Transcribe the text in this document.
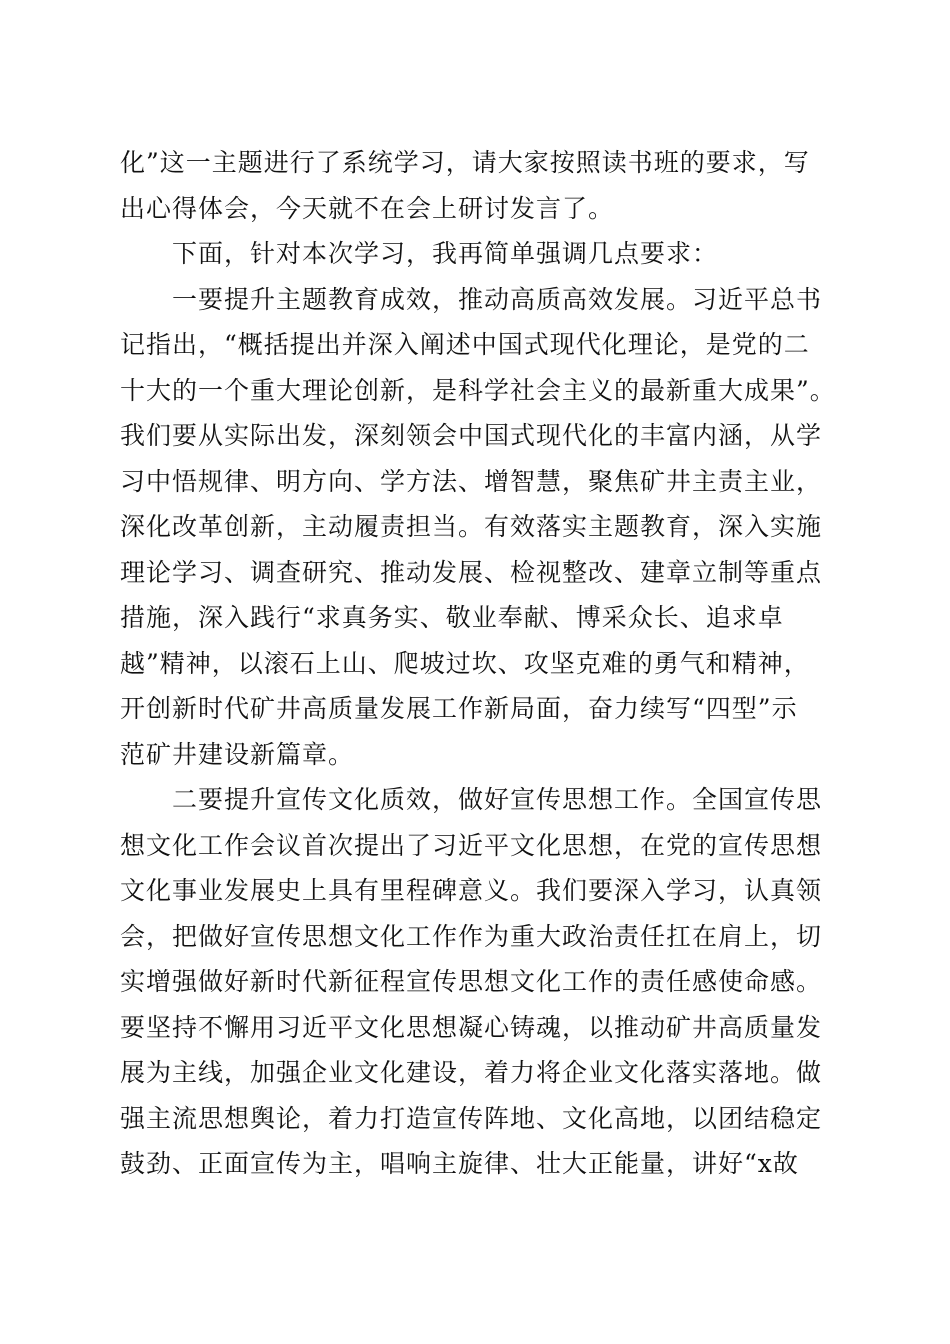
化”这一主题进行了系统学习，请大家按照读书班的要求，写
出心得体会，今天就不在会上研讨发言了。
下面，针对本次学习，我再简单强调几点要求：
一要提升主题教育成效，推动高质高效发展。习近平总书
记指出，“概括提出并深入阐述中国式现代化理论，是党的二
十大的一个重大理论创新，是科学社会主义的最新重大成果”。
我们要从实际出发，深刻领会中国式现代化的丰富内涵，从学
习中悟规律、明方向、学方法、增智慧，聚焦矿井主责主业，
深化改革创新，主动履责担当。有效落实主题教育，深入实施
理论学习、调查研究、推动发展、检视整改、建章立制等重点
措施，深入践行“求真务实、敬业奉献、博采众长、追求卓
越”精神，以滚石上山、爬坡过坎、攻坚克难的勇气和精神，
开创新时代矿井高质量发展工作新局面，奋力续写“四型”示
范矿井建设新篇章。
二要提升宣传文化质效，做好宣传思想工作。全国宣传思
想文化工作会议首次提出了习近平文化思想，在党的宣传思想
文化事业发展史上具有里程碑意义。我们要深入学习，认真领
会，把做好宣传思想文化工作作为重大政治责任扛在肩上，切
实增强做好新时代新征程宣传思想文化工作的责任感使命感。
要坚持不懈用习近平文化思想凝心铸魂，以推动矿井高质量发
展为主线，加强企业文化建设，着力将企业文化落实落地。做
强主流思想舆论，着力打造宣传阵地、文化高地，以团结稳定
鼓劲、正面宣传为主，唱响主旋律、壮大正能量，讲好“x故
